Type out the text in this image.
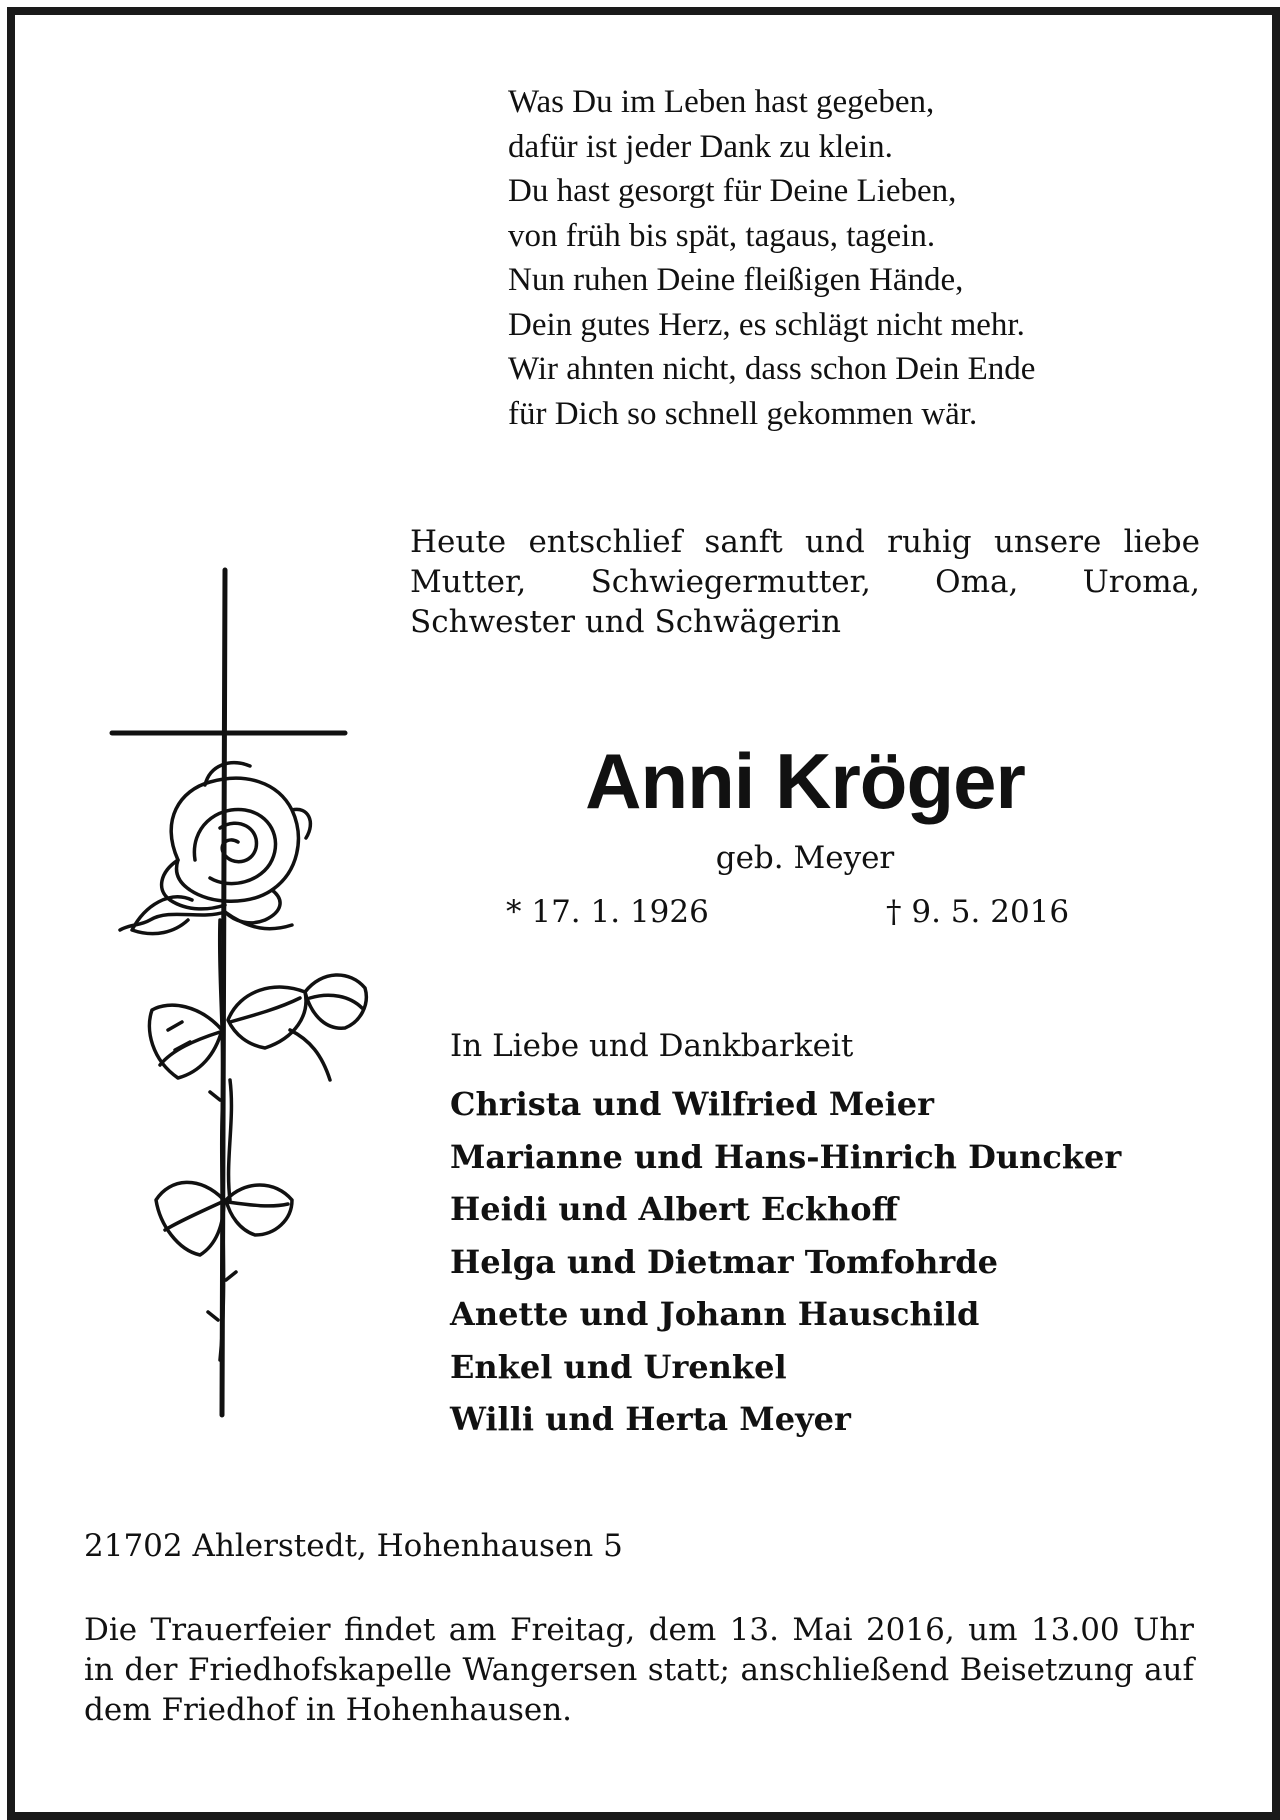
Was Du im Leben hast gegeben,
dafür ist jeder Dank zu klein.
Du hast gesorgt für Deine Lieben,
von früh bis spät, tagaus, tagein.
Nun ruhen Deine fleißigen Hände,
Dein gutes Herz, es schlägt nicht mehr.
Wir ahnten nicht, dass schon Dein Ende
für Dich so schnell gekommen wär.
Heute entschlief sanft und ruhig unsere liebe Mutter, Schwiegermutter, Oma, Uroma, Schwester und Schwägerin
Anni Kröger
geb. Meyer
* 17. 1. 1926	† 9. 5. 2016
In Liebe und Dankbarkeit
Christa und Wilfried Meier
Marianne und Hans-Hinrich Duncker
Heidi und Albert Eckhoff
Helga und Dietmar Tomfohrde
Anette und Johann Hauschild
Enkel und Urenkel
Willi und Herta Meyer
21702 Ahlerstedt, Hohenhausen 5
Die Trauerfeier findet am Freitag, dem 13. Mai 2016, um 13.00 Uhr in der Friedhofskapelle Wangersen statt; anschließend Beisetzung auf dem Friedhof in Hohenhausen.
